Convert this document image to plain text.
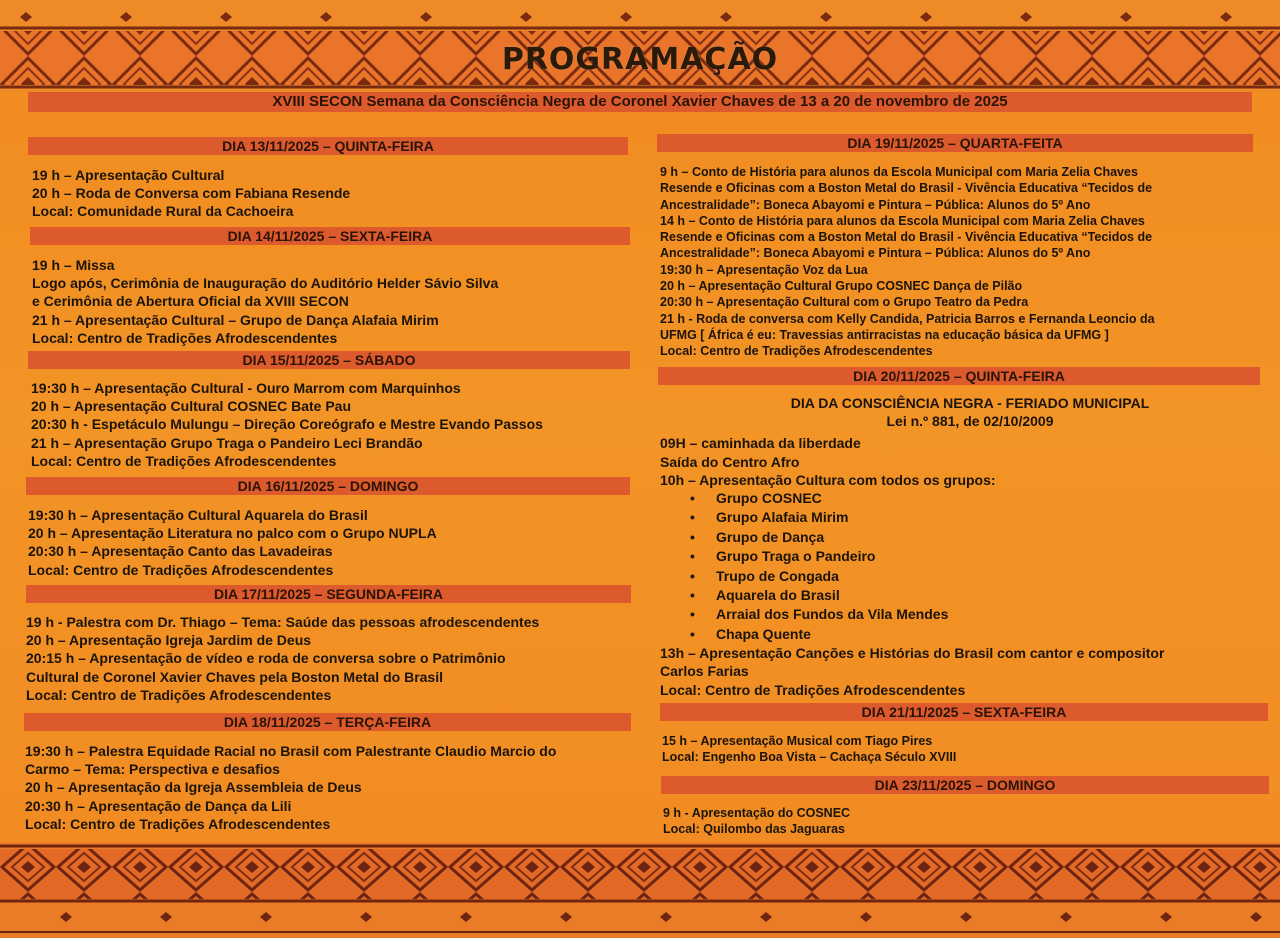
PROGRAMAÇÃO
XVIII SECON Semana da Consciência Negra de Coronel Xavier Chaves de 13 a 20 de novembro de 2025
DIA 13/11/2025 – QUINTA-FEIRA
19 h – Apresentação Cultural
20 h – Roda de Conversa com Fabiana Resende
Local: Comunidade Rural da Cachoeira
DIA 14/11/2025 – SEXTA-FEIRA
19 h – Missa
Logo após, Cerimônia de Inauguração do Auditório Helder Sávio Silva
e Cerimônia de Abertura Oficial da XVIII SECON
21 h – Apresentação Cultural – Grupo de Dança Alafaia Mirim
Local: Centro de Tradições Afrodescendentes
DIA 15/11/2025 – SÁBADO
19:30 h – Apresentação Cultural - Ouro Marrom com Marquinhos
20 h – Apresentação Cultural COSNEC Bate Pau
20:30 h - Espetáculo Mulungu – Direção Coreógrafo e Mestre Evando Passos
21 h – Apresentação Grupo Traga o Pandeiro Leci Brandão
Local: Centro de Tradições Afrodescendentes
DIA 16/11/2025 – DOMINGO
19:30 h – Apresentação Cultural Aquarela do Brasil
20 h – Apresentação Literatura no palco com o Grupo NUPLA
20:30 h – Apresentação Canto das Lavadeiras
Local: Centro de Tradições Afrodescendentes
DIA 17/11/2025 – SEGUNDA-FEIRA
19 h - Palestra com Dr. Thiago – Tema: Saúde das pessoas afrodescendentes
20 h – Apresentação Igreja Jardim de Deus
20:15 h – Apresentação de vídeo e roda de conversa sobre o Patrimônio
Cultural de Coronel Xavier Chaves pela Boston Metal do Brasil
Local: Centro de Tradições Afrodescendentes
DIA 18/11/2025 – TERÇA-FEIRA
19:30 h – Palestra Equidade Racial no Brasil com Palestrante Claudio Marcio do
Carmo – Tema: Perspectiva e desafios
20 h – Apresentação da Igreja Assembleia de Deus
20:30 h – Apresentação de Dança da Lili
Local: Centro de Tradições Afrodescendentes
DIA 19/11/2025 – QUARTA-FEITA
9 h – Conto de História para alunos da Escola Municipal com Maria Zelia Chaves
Resende e Oficinas com a Boston Metal do Brasil - Vivência Educativa “Tecidos de
Ancestralidade”: Boneca Abayomi e Pintura – Pública: Alunos do 5º Ano
14 h – Conto de História para alunos da Escola Municipal com Maria Zelia Chaves
Resende e Oficinas com a Boston Metal do Brasil - Vivência Educativa “Tecidos de
Ancestralidade”: Boneca Abayomi e Pintura – Pública: Alunos do 5º Ano
19:30 h – Apresentação Voz da Lua
20 h – Apresentação Cultural Grupo COSNEC Dança de Pilão
20:30 h – Apresentação Cultural com o Grupo Teatro da Pedra
21 h - Roda de conversa com Kelly Candida, Patricia Barros e Fernanda Leoncio da
UFMG [ África é eu: Travessias antirracistas na educação básica da UFMG ]
Local: Centro de Tradições Afrodescendentes
DIA 20/11/2025 – QUINTA-FEIRA
DIA DA CONSCIÊNCIA NEGRA - FERIADO MUNICIPAL
Lei n.º 881, de 02/10/2009
09H – caminhada da liberdade
Saída do Centro Afro
10h – Apresentação Cultura com todos os grupos:
• Grupo COSNEC
• Grupo Alafaia Mirim
• Grupo de Dança
• Grupo Traga o Pandeiro
• Trupo de Congada
• Aquarela do Brasil
• Arraial dos Fundos da Vila Mendes
• Chapa Quente
13h – Apresentação Canções e Histórias do Brasil com cantor e compositor
Carlos Farias
Local: Centro de Tradições Afrodescendentes
DIA 21/11/2025 – SEXTA-FEIRA
15 h – Apresentação Musical com Tiago Pires
Local: Engenho Boa Vista – Cachaça Século XVIII
DIA 23/11/2025 – DOMINGO
9 h - Apresentação do COSNEC
Local: Quilombo das Jaguaras
